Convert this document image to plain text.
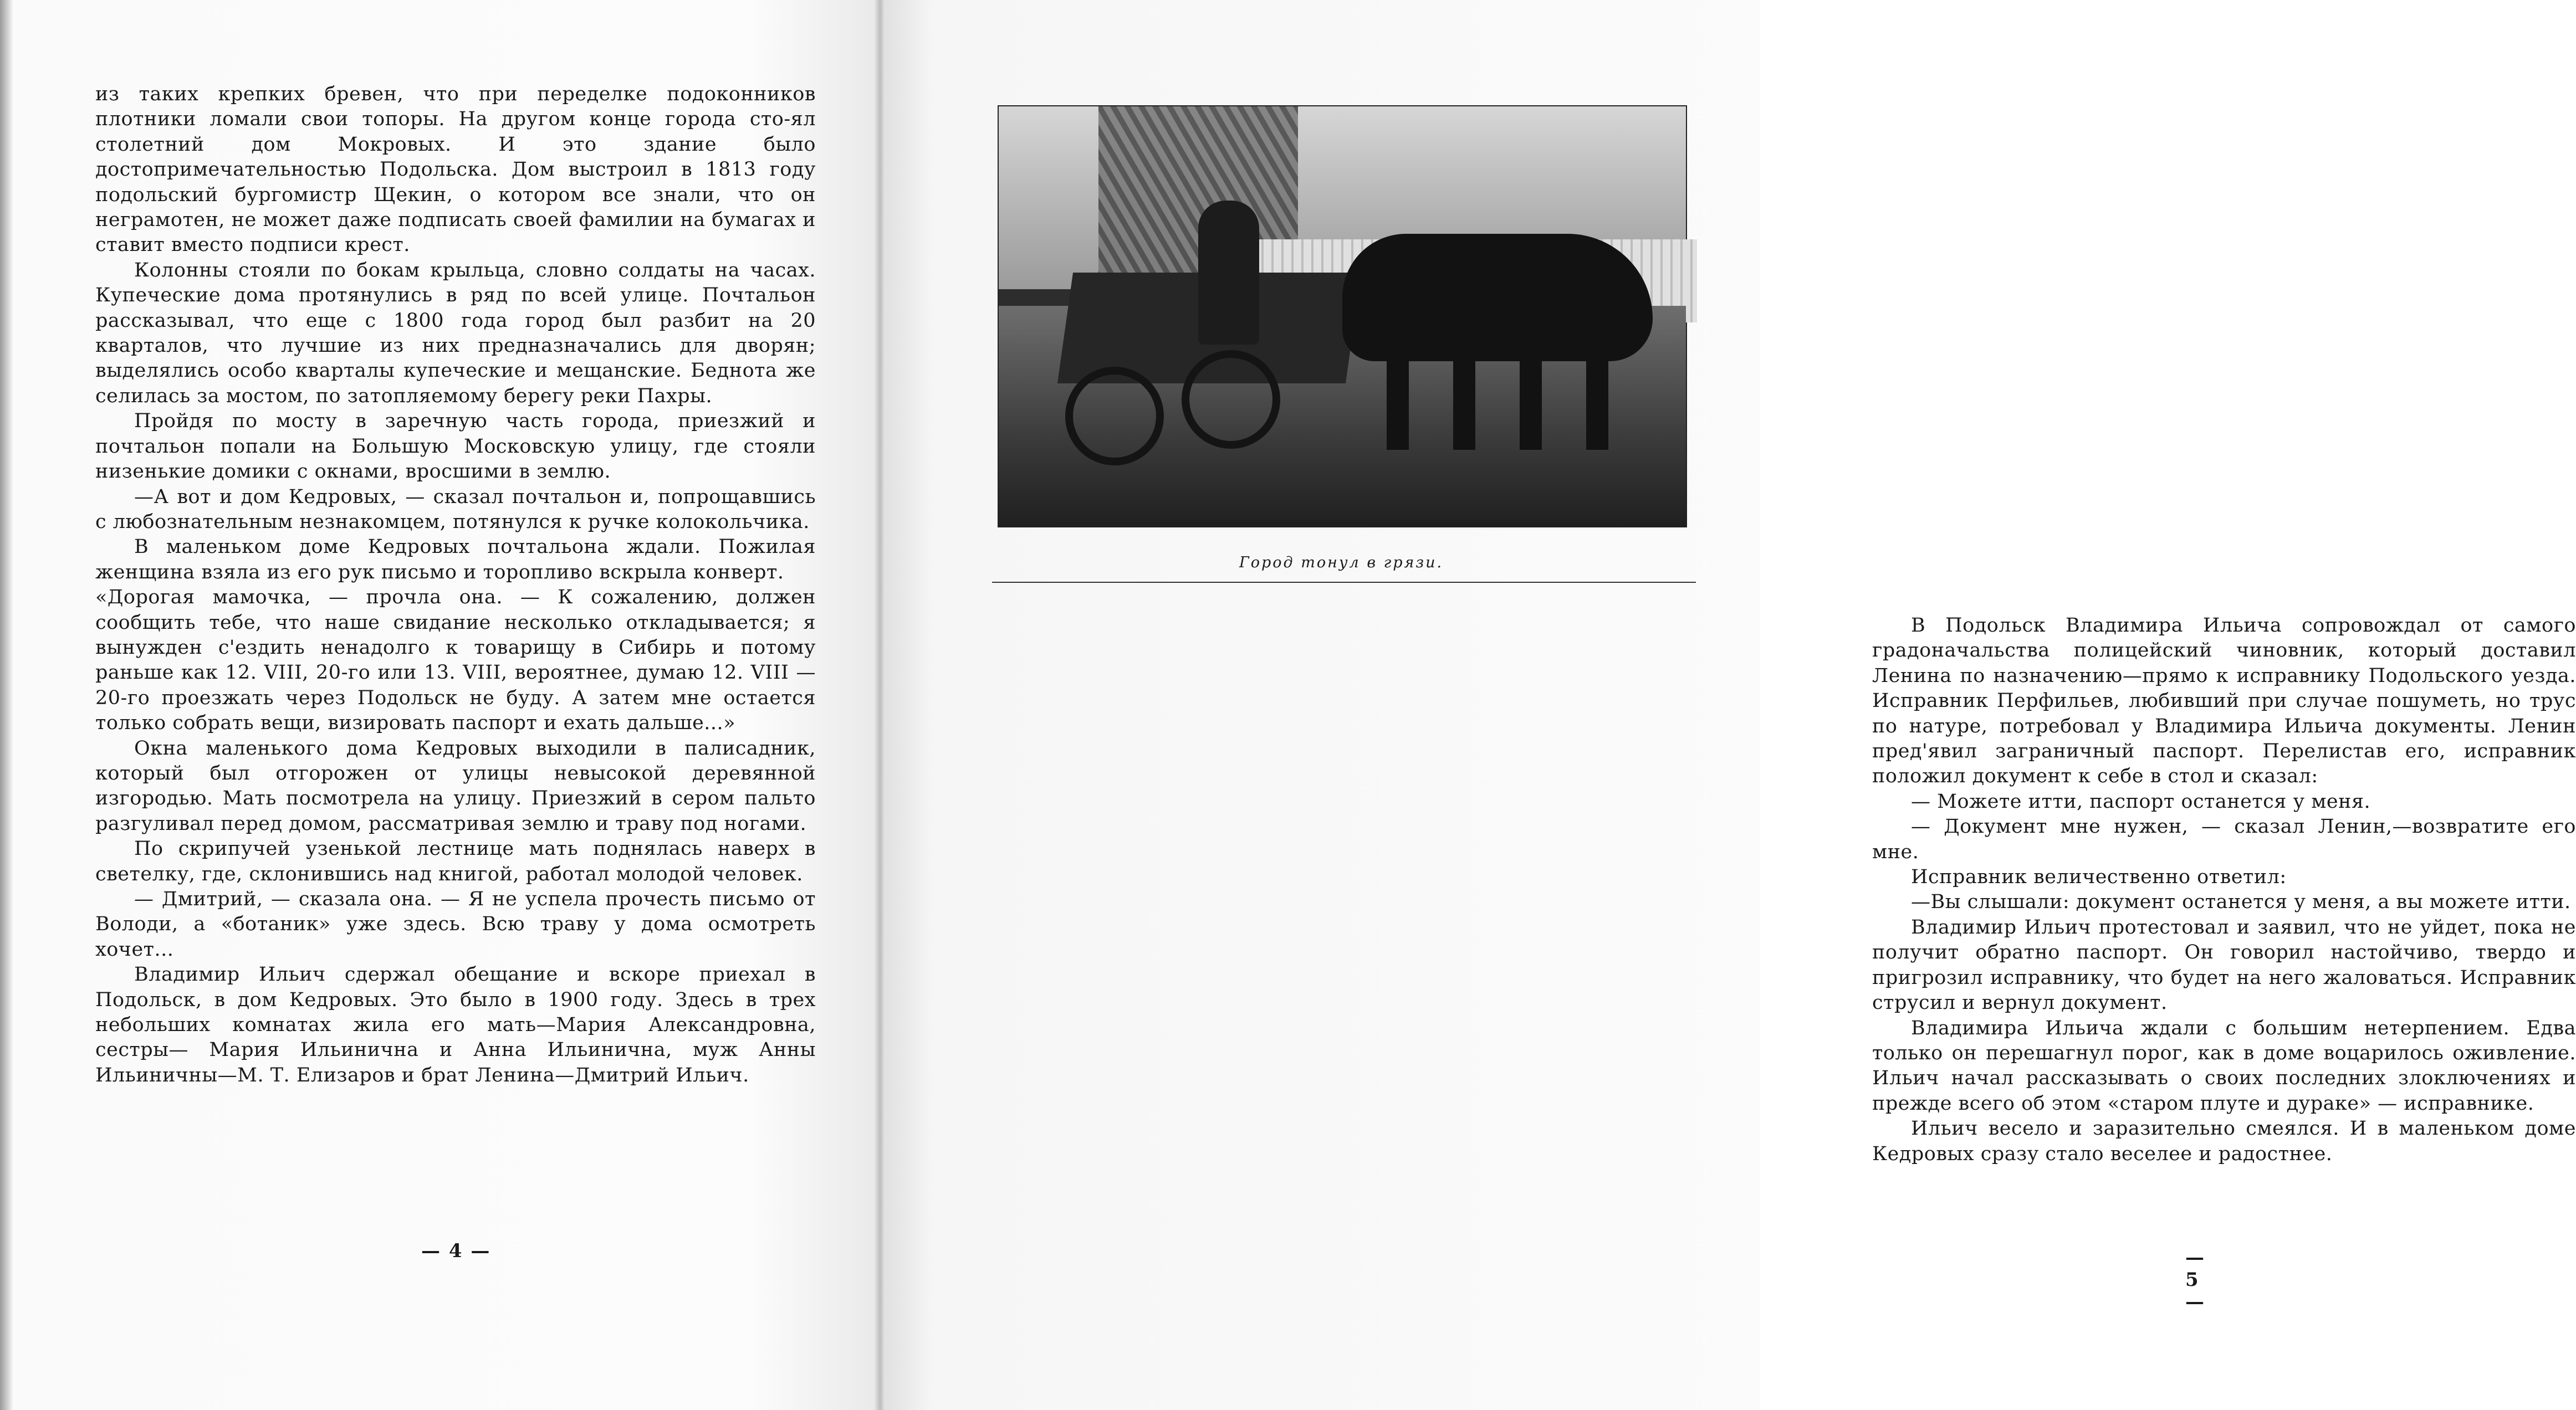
из таких крепких бревен, что при переделке подоконников плотники ломали свои топоры. На другом конце города сто-ял столетний дом Мокровых. И это здание было достопримечательностью Подольска. Дом выстроил в 1813 году подольский бургомистр Щекин, о котором все знали, что он неграмотен, не может даже подписать своей фамилии на бумагах и ставит вместо подписи крест.

Колонны стояли по бокам крыльца, словно солдаты на часах. Купеческие дома протянулись в ряд по всей улице. Почтальон рассказывал, что еще с 1800 года город был разбит на 20 кварталов, что лучшие из них предназначались для дворян; выделялись особо кварталы купеческие и мещанские. Беднота же селилась за мостом, по затопляемому берегу реки Пахры.

Пройдя по мосту в заречную часть города, приезжий и почтальон попали на Большую Московскую улицу, где стояли низенькие домики с окнами, вросшими в землю.

—А вот и дом Кедровых, — сказал почтальон и, попрощавшись с любознательным незнакомцем, потянулся к ручке колокольчика.

В маленьком доме Кедровых почтальона ждали. Пожилая женщина взяла из его рук письмо и торопливо вскрыла конверт.

«Дорогая мамочка, — прочла она. — К сожалению, должен сообщить тебе, что наше свидание несколько откладывается; я вынужден с'ездить ненадолго к товарищу в Сибирь и потому раньше как 12. VIII, 20-го или 13. VIII, вероятнее, думаю 12. VIII — 20-го проезжать через Подольск не буду. А затем мне остается только собрать вещи, визировать паспорт и ехать дальше...»

Окна маленького дома Кедровых выходили в палисадник, который был отгорожен от улицы невысокой деревянной изгородью. Мать посмотрела на улицу. Приезжий в сером пальто разгуливал перед домом, рассматривая землю и траву под ногами.

По скрипучей узенькой лестнице мать поднялась наверх в светелку, где, склонившись над книгой, работал молодой человек.

— Дмитрий, — сказала она. — Я не успела прочесть письмо от Володи, а «ботаник» уже здесь. Всю траву у дома осмотреть хочет...

Владимир Ильич сдержал обещание и вскоре приехал в Подольск, в дом Кедровых. Это было в 1900 году. Здесь в трех небольших комнатах жила его мать—Мария Александровна, сестры— Мария Ильинична и Анна Ильинична, муж Анны Ильиничны—М. Т. Елизаров и брат Ленина—Дмитрий Ильич.

— 4 —

В Подольск Владимира Ильича сопровождал от самого градоначальства полицейский чиновник, который доставил Ленина по назначению—прямо к исправнику Подольского уезда. Исправник Перфильев, любивший при случае пошуметь, но трус по натуре, потребовал у Владимира Ильича документы. Ленин пред'явил заграничный паспорт. Перелистав его, исправник положил документ к себе в стол и сказал:

— Можете итти, паспорт останется у меня.

— Документ мне нужен, — сказал Ленин,—возвратите его мне.

Исправник величественно ответил:

—Вы слышали: документ останется у меня, а вы можете итти.

Владимир Ильич протестовал и заявил, что не уйдет, пока не получит обратно паспорт. Он говорил настойчиво, твердо и пригрозил исправнику, что будет на него жаловаться. Исправник струсил и вернул документ.

Владимира Ильича ждали с большим нетерпением. Едва только он перешагнул порог, как в доме воцарилось оживление. Ильич начал рассказывать о своих последних злоключениях и прежде всего об этом «старом плуте и дураке» — исправнике.

Ильич весело и заразительно смеялся. И в маленьком доме Кедровых сразу стало веселее и радостнее.

— 5 —
Город тонул в грязи.
